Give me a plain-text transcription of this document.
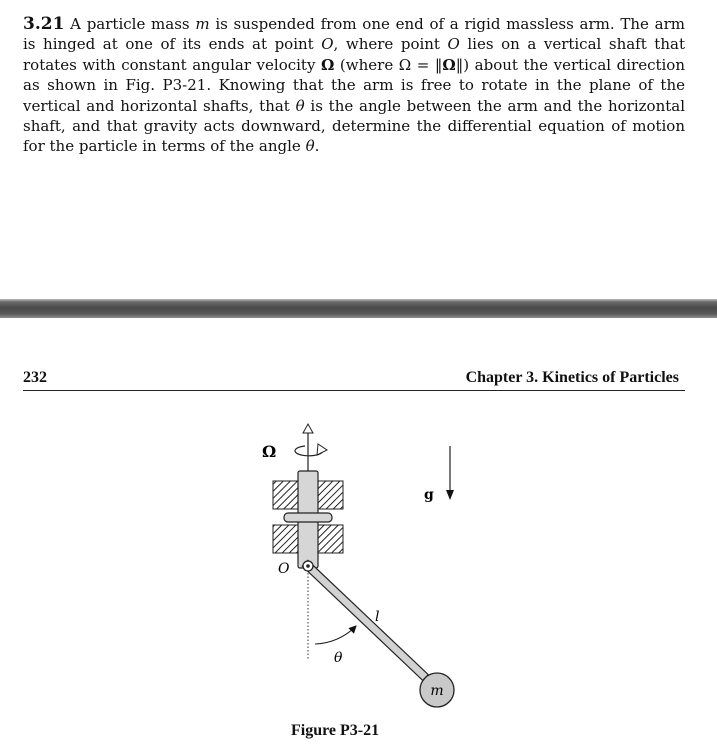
3.21 A particle mass m is suspended from one end of a rigid massless arm. The arm is hinged at one of its ends at point O, where point O lies on a vertical shaft that rotates with constant angular velocity Ω (where Ω = ‖Ω‖) about the vertical direction as shown in Fig. P3-21. Knowing that the arm is free to rotate in the plane of the vertical and horizontal shafts, that θ is the angle between the arm and the horizontal shaft, and that gravity acts downward, determine the differential equation of motion for the particle in terms of the angle θ.
232	Chapter 3. Kinetics of Particles
Ω
g
O
l
θ
m
Figure P3-21
